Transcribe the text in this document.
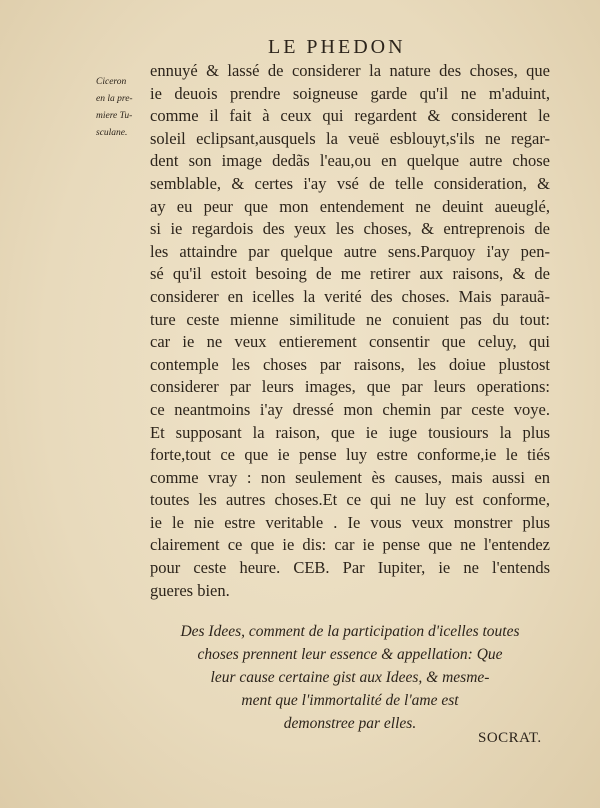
LE PHEDON
Ciceron
en la pre-
miere Tu-
sculane.
ennuyé & lassé de considerer la nature des choses, que
ie deuois prendre soigneuse garde qu'il ne m'aduint,
comme il fait à ceux qui regardent & considerent le
soleil eclipsant,ausquels la veuë esblouyt,s'ils ne regar-
dent son image dedãs l'eau,ou en quelque autre chose
semblable, & certes i'ay vsé de telle consideration, &
ay eu peur que mon entendement ne deuint aueuglé,
si ie regardois des yeux les choses, & entreprenois de
les attaindre par quelque autre sens.Parquoy i'ay pen-
sé qu'il estoit besoing de me retirer aux raisons, & de
considerer en icelles la verité des choses. Mais parauã-
ture ceste mienne similitude ne conuient pas du tout:
car ie ne veux entierement consentir que celuy, qui
contemple les choses par raisons, les doiue plustost
considerer par leurs images, que par leurs operations:
ce neantmoins i'ay dressé mon chemin par ceste voye.
Et supposant la raison, que ie iuge tousiours la plus
forte,tout ce que ie pense luy estre conforme,ie le tiés
comme vray : non seulement ès causes, mais aussi en
toutes les autres choses.Et ce qui ne luy est conforme,
ie le nie estre veritable . Ie vous veux monstrer plus
clairement ce que ie dis: car ie pense que ne l'entendez
pour ceste heure. CEB. Par Iupiter, ie ne l'entends
gueres bien.
Des Idees, comment de la participation d'icelles toutes
choses prennent leur essence & appellation: Que
leur cause certaine gist aux Idees, & mesme-
ment que l'immortalité de l'ame est
demonstree par elles.
SOCRAT.
